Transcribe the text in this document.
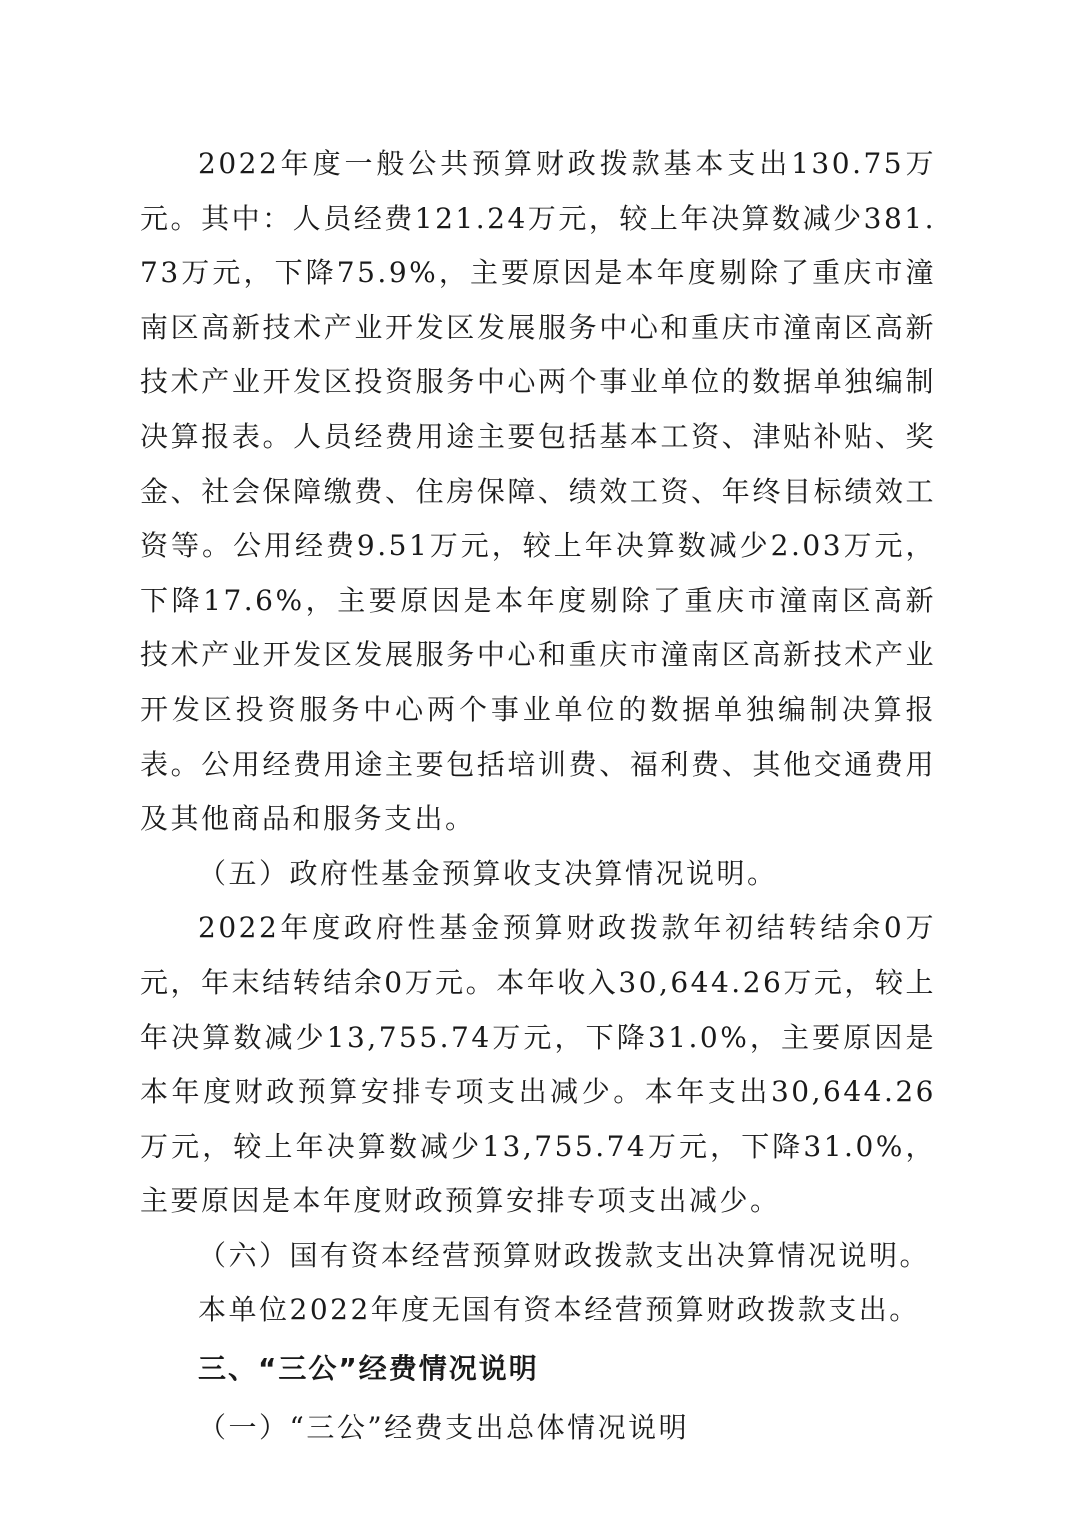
2022年度一般公共预算财政拨款基本支出130.75万元。其中：人员经费121.24万元，较上年决算数减少381.73万元，下降75.9%，主要原因是本年度剔除了重庆市潼南区高新技术产业开发区发展服务中心和重庆市潼南区高新技术产业开发区投资服务中心两个事业单位的数据单独编制决算报表。人员经费用途主要包括基本工资、津贴补贴、奖金、社会保障缴费、住房保障、绩效工资、年终目标绩效工资等。公用经费9.51万元，较上年决算数减少2.03万元，下降17.6%，主要原因是本年度剔除了重庆市潼南区高新技术产业开发区发展服务中心和重庆市潼南区高新技术产业开发区投资服务中心两个事业单位的数据单独编制决算报表。公用经费用途主要包括培训费、福利费、其他交通费用及其他商品和服务支出。

（五）政府性基金预算收支决算情况说明。

2022年度政府性基金预算财政拨款年初结转结余0万元，年末结转结余0万元。本年收入30,644.26万元，较上年决算数减少13,755.74万元，下降31.0%，主要原因是本年度财政预算安排专项支出减少。本年支出30,644.26万元，较上年决算数减少13,755.74万元，下降31.0%，主要原因是本年度财政预算安排专项支出减少。

（六）国有资本经营预算财政拨款支出决算情况说明。

本单位2022年度无国有资本经营预算财政拨款支出。

三、“三公”经费情况说明

（一）“三公”经费支出总体情况说明
